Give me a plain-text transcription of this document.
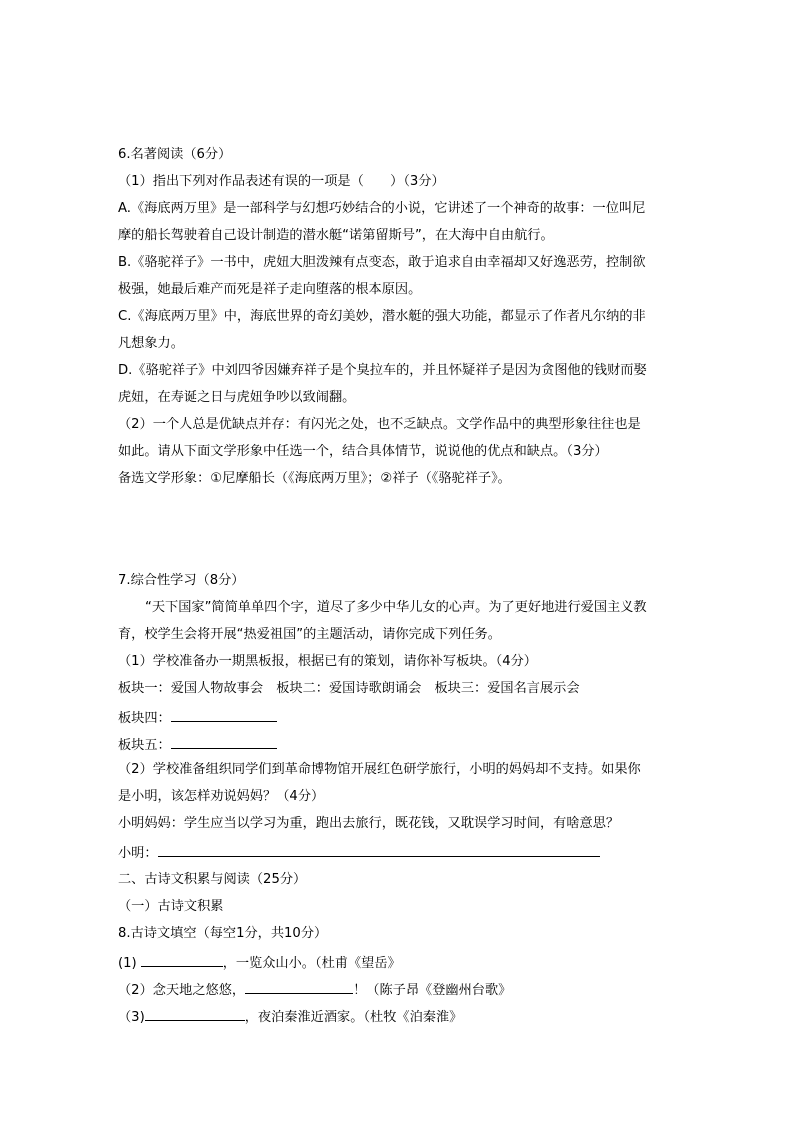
6.名著阅读（6分）
（1）指出下列对作品表述有误的一项是（　　）（3分）
A.《海底两万里》是一部科学与幻想巧妙结合的小说，它讲述了一个神奇的故事：一位叫尼
摩的船长驾驶着自己设计制造的潜水艇“诺第留斯号”，在大海中自由航行。
B.《骆驼祥子》一书中，虎妞大胆泼辣有点变态，敢于追求自由幸福却又好逸恶劳，控制欲
极强，她最后难产而死是祥子走向堕落的根本原因。
C.《海底两万里》中，海底世界的奇幻美妙，潜水艇的强大功能，都显示了作者凡尔纳的非
凡想象力。
D.《骆驼祥子》中刘四爷因嫌弃祥子是个臭拉车的，并且怀疑祥子是因为贪图他的钱财而娶
虎妞，在寿诞之日与虎妞争吵以致闹翻。
（2）一个人总是优缺点并存：有闪光之处，也不乏缺点。文学作品中的典型形象往往也是
如此。请从下面文学形象中任选一个，结合具体情节，说说他的优点和缺点。（3分）
备选文学形象：①尼摩船长（《海底两万里》；②祥子（《骆驼祥子》。
7.综合性学习（8分）
“天下国家”简简单单四个字，道尽了多少中华儿女的心声。为了更好地进行爱国主义教
育，校学生会将开展“热爱祖国”的主题活动，请你完成下列任务。
（1）学校准备办一期黑板报，根据已有的策划，请你补写板块。（4分）
板块一：爱国人物故事会　板块二：爱国诗歌朗诵会　板块三：爱国名言展示会
板块四：
板块五：
（2）学校准备组织同学们到革命博物馆开展红色研学旅行，小明的妈妈却不支持。如果你
是小明，该怎样劝说妈妈？（4分）
小明妈妈：学生应当以学习为重，跑出去旅行，既花钱，又耽误学习时间，有啥意思？
小明：
二、古诗文积累与阅读（25分）
（一）古诗文积累
8.古诗文填空（每空1分，共10分）
(1)	，一览众山小。（杜甫《望岳》
（2）念天地之悠悠，	！（陈子昂《登幽州台歌》
（3)	，夜泊秦淮近酒家。（杜牧《泊秦淮》
